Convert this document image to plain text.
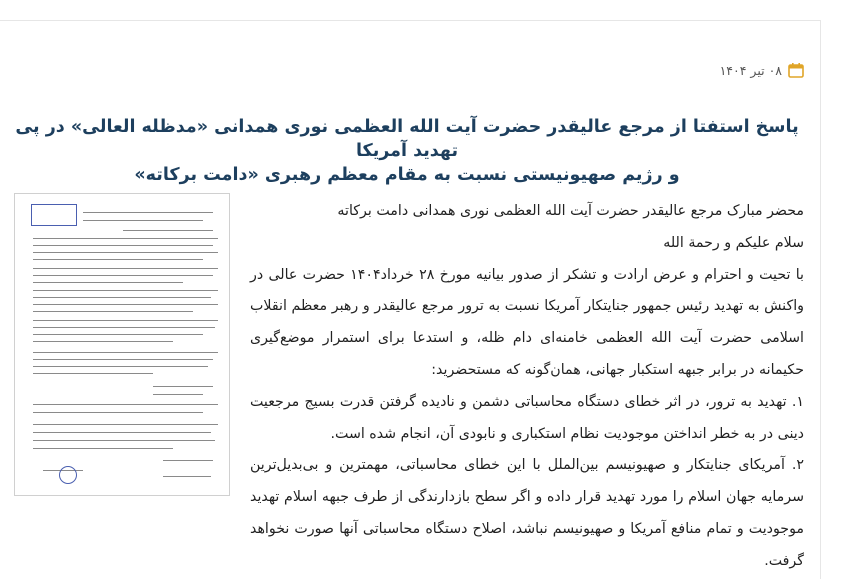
۰۸ تیر ۱۴۰۴
پاسخ استفتا از مرجع عالیقدر حضرت آیت الله العظمی نوری همدانی «مدظله العالی» در پی تهدید آمریکا
و رژیم صهیونیستی نسبت به مقام معظم رهبری «دامت برکاته»

محضر مبارک مرجع عالیقدر حضرت آیت الله العظمی نوری همدانی دامت برکاته

سلام علیکم و رحمة الله

با تحیت و احترام و عرض ارادت و تشکر از صدور بیانیه مورخ ۲۸ خرداد۱۴۰۴ حضرت عالی در واکنش به تهدید رئیس جمهور جنایتکار آمریکا نسبت به ترور مرجع عالیقدر و رهبر معظم انقلاب اسلامی حضرت آیت الله العظمی خامنه‌ای دام ظله، و استدعا برای استمرار موضع‌گیری حکیمانه در برابر جبهه استکبار جهانی، همان‌گونه که مستحضرید:

۱. تهدید به ترور، در اثر خطای دستگاه محاسباتی دشمن و نادیده گرفتن قدرت بسیج مرجعیت دینی در به خطر انداختن موجودیت نظام استکباری و نابودی آن، انجام شده است.

۲. آمریکای جنایتکار و صهیونیسم بین‌الملل با این خطای محاسباتی، مهمترین و بی‌بدیل‌ترین سرمایه جهان اسلام را مورد تهدید قرار داده و اگر سطح بازدارندگی از طرف جبهه اسلام تهدید موجودیت و تمام منافع آمریکا و صهیونیسم نباشد، اصلاح دستگاه محاسباتی آنها صورت نخواهد گرفت.
